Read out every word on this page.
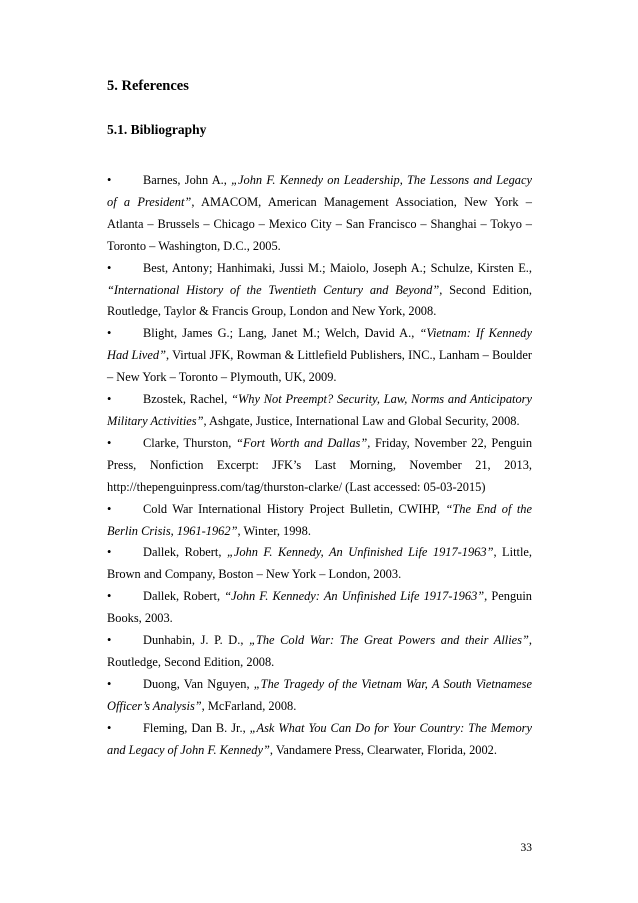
5. References
5.1. Bibliography

•	Barnes, John A., „John F. Kennedy on Leadership, The Lessons and Legacy of a President”, AMACOM, American Management Association, New York – Atlanta – Brussels – Chicago – Mexico City – San Francisco – Shanghai – Tokyo – Toronto – Washington, D.C., 2005.

•	Best, Antony; Hanhimaki, Jussi M.; Maiolo, Joseph A.; Schulze, Kirsten E., “International History of the Twentieth Century and Beyond”, Second Edition, Routledge, Taylor & Francis Group, London and New York, 2008.

•	Blight, James G.; Lang, Janet M.; Welch, David A., “Vietnam: If Kennedy Had Lived”, Virtual JFK, Rowman & Littlefield Publishers, INC., Lanham – Boulder – New York – Toronto – Plymouth, UK, 2009.

•	Bzostek, Rachel, “Why Not Preempt? Security, Law, Norms and Anticipatory Military Activities”, Ashgate, Justice, International Law and Global Security, 2008.

•	Clarke, Thurston, “Fort Worth and Dallas”, Friday, November 22, Penguin Press, Nonfiction Excerpt: JFK’s Last Morning, November 21, 2013, http://thepenguinpress.com/tag/thurston-clarke/ (Last accessed: 05-03-2015)

•	Cold War International History Project Bulletin, CWIHP, “The End of the Berlin Crisis, 1961-1962”, Winter, 1998.

•	Dallek, Robert, „John F. Kennedy, An Unfinished Life 1917-1963”, Little, Brown and Company, Boston – New York – London, 2003.

•	Dallek, Robert, “John F. Kennedy: An Unfinished Life 1917-1963”, Penguin Books, 2003.

•	Dunhabin, J. P. D., „The Cold War: The Great Powers and their Allies”, Routledge, Second Edition, 2008.

•	Duong, Van Nguyen, „The Tragedy of the Vietnam War, A South Vietnamese Officer’s Analysis”, McFarland, 2008.

•	Fleming, Dan B. Jr., „Ask What You Can Do for Your Country: The Memory and Legacy of John F. Kennedy”, Vandamere Press, Clearwater, Florida, 2002.

33
